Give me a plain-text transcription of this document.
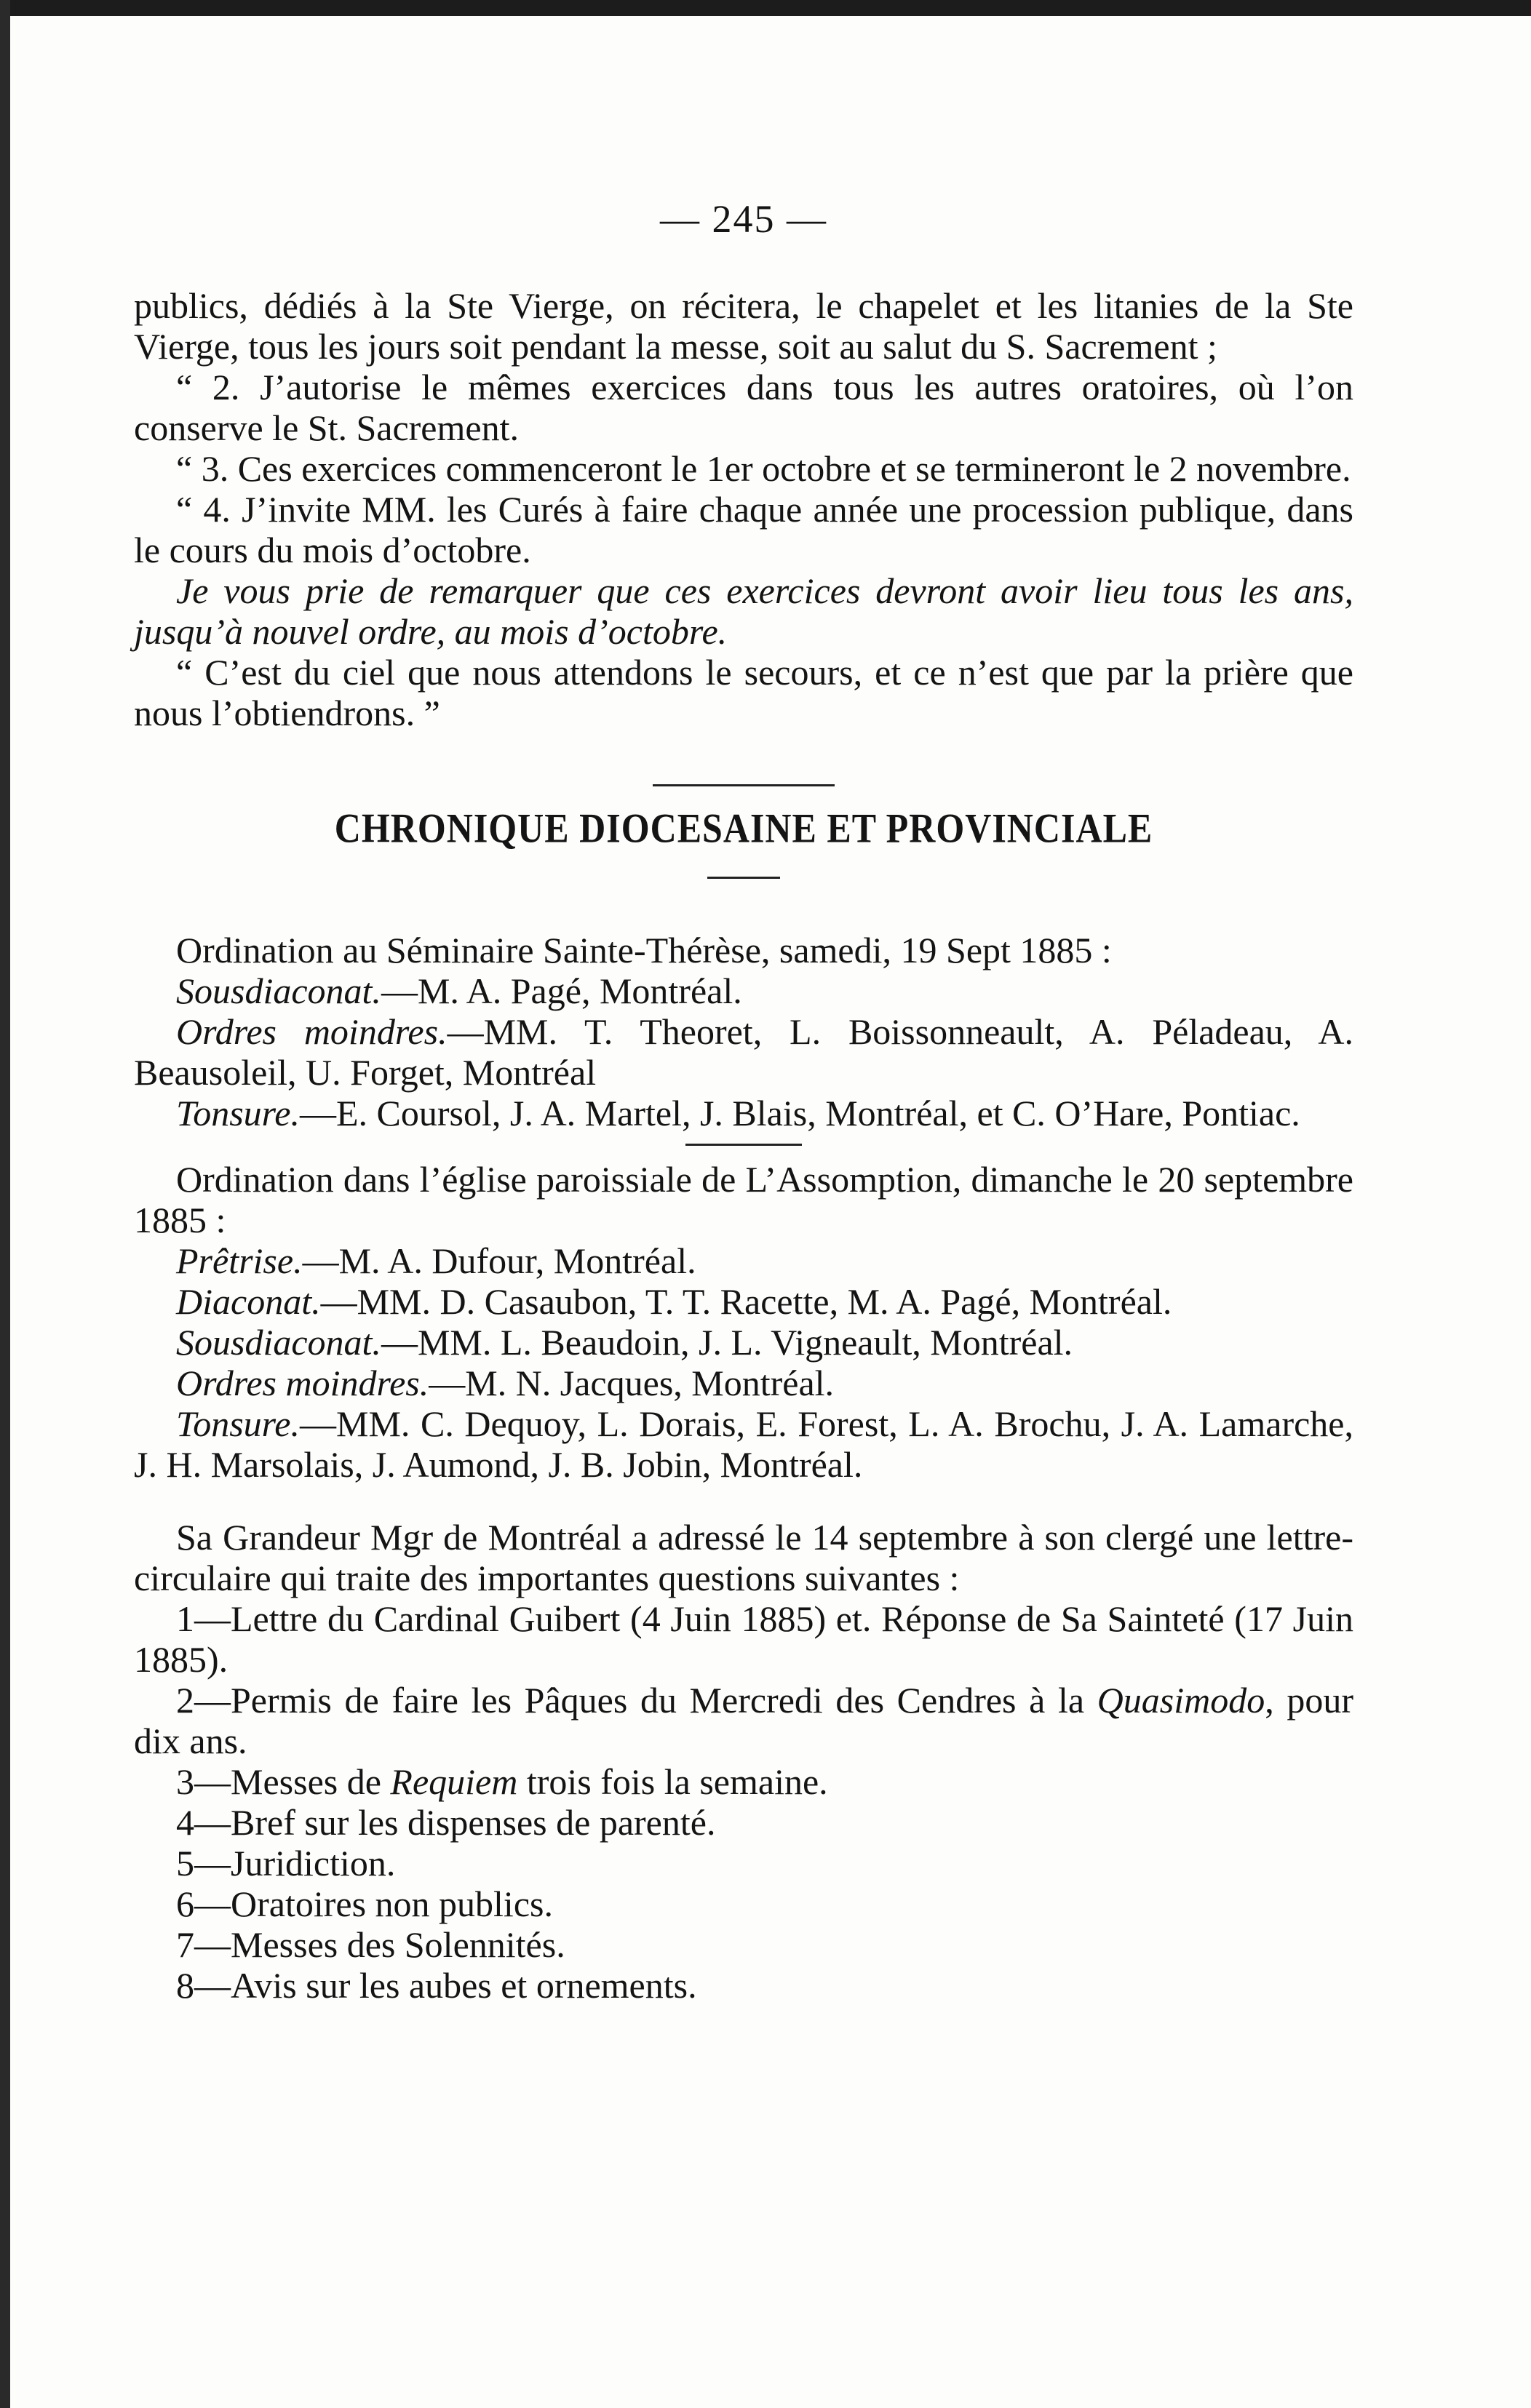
— 245 —

publics, dédiés à la Ste Vierge, on récitera, le chapelet et les litanies de la Ste Vierge, tous les jours soit pendant la messe, soit au salut du S. Sacrement ;

“ 2. J’autorise le mêmes exercices dans tous les autres oratoires, où l’on conserve le St. Sacrement.

“ 3. Ces exercices commenceront le 1er octobre et se termineront le 2 novembre.

“ 4. J’invite MM. les Curés à faire chaque année une procession publique, dans le cours du mois d’octobre.

Je vous prie de remarquer que ces exercices devront avoir lieu tous les ans, jusqu’à nouvel ordre, au mois d’octobre.

“ C’est du ciel que nous attendons le secours, et ce n’est que par la prière que nous l’obtiendrons. ”

CHRONIQUE DIOCESAINE ET PROVINCIALE

Ordination au Séminaire Sainte-Thérèse, samedi, 19 Sept 1885 :

Sousdiaconat.—M. A. Pagé, Montréal.

Ordres moindres.—MM. T. Theoret, L. Boissonneault, A. Péladeau, A. Beausoleil, U. Forget, Montréal

Tonsure.—E. Coursol, J. A. Martel, J. Blais, Montréal, et C. O’Hare, Pontiac.

Ordination dans l’église paroissiale de L’Assomption, dimanche le 20 septembre 1885 :

Prêtrise.—M. A. Dufour, Montréal.

Diaconat.—MM. D. Casaubon, T. T. Racette, M. A. Pagé, Montréal.

Sousdiaconat.—MM. L. Beaudoin, J. L. Vigneault, Montréal.

Ordres moindres.—M. N. Jacques, Montréal.

Tonsure.—MM. C. Dequoy, L. Dorais, E. Forest, L. A. Brochu, J. A. Lamarche, J. H. Marsolais, J. Aumond, J. B. Jobin, Montréal.

Sa Grandeur Mgr de Montréal a adressé le 14 septembre à son clergé une lettre-circulaire qui traite des importantes questions suivantes :

1—Lettre du Cardinal Guibert (4 Juin 1885) et. Réponse de Sa Sainteté (17 Juin 1885).

2—Permis de faire les Pâques du Mercredi des Cendres à la Quasimodo, pour dix ans.

3—Messes de Requiem trois fois la semaine.

4—Bref sur les dispenses de parenté.

5—Juridiction.

6—Oratoires non publics.

7—Messes des Solennités.

8—Avis sur les aubes et ornements.
